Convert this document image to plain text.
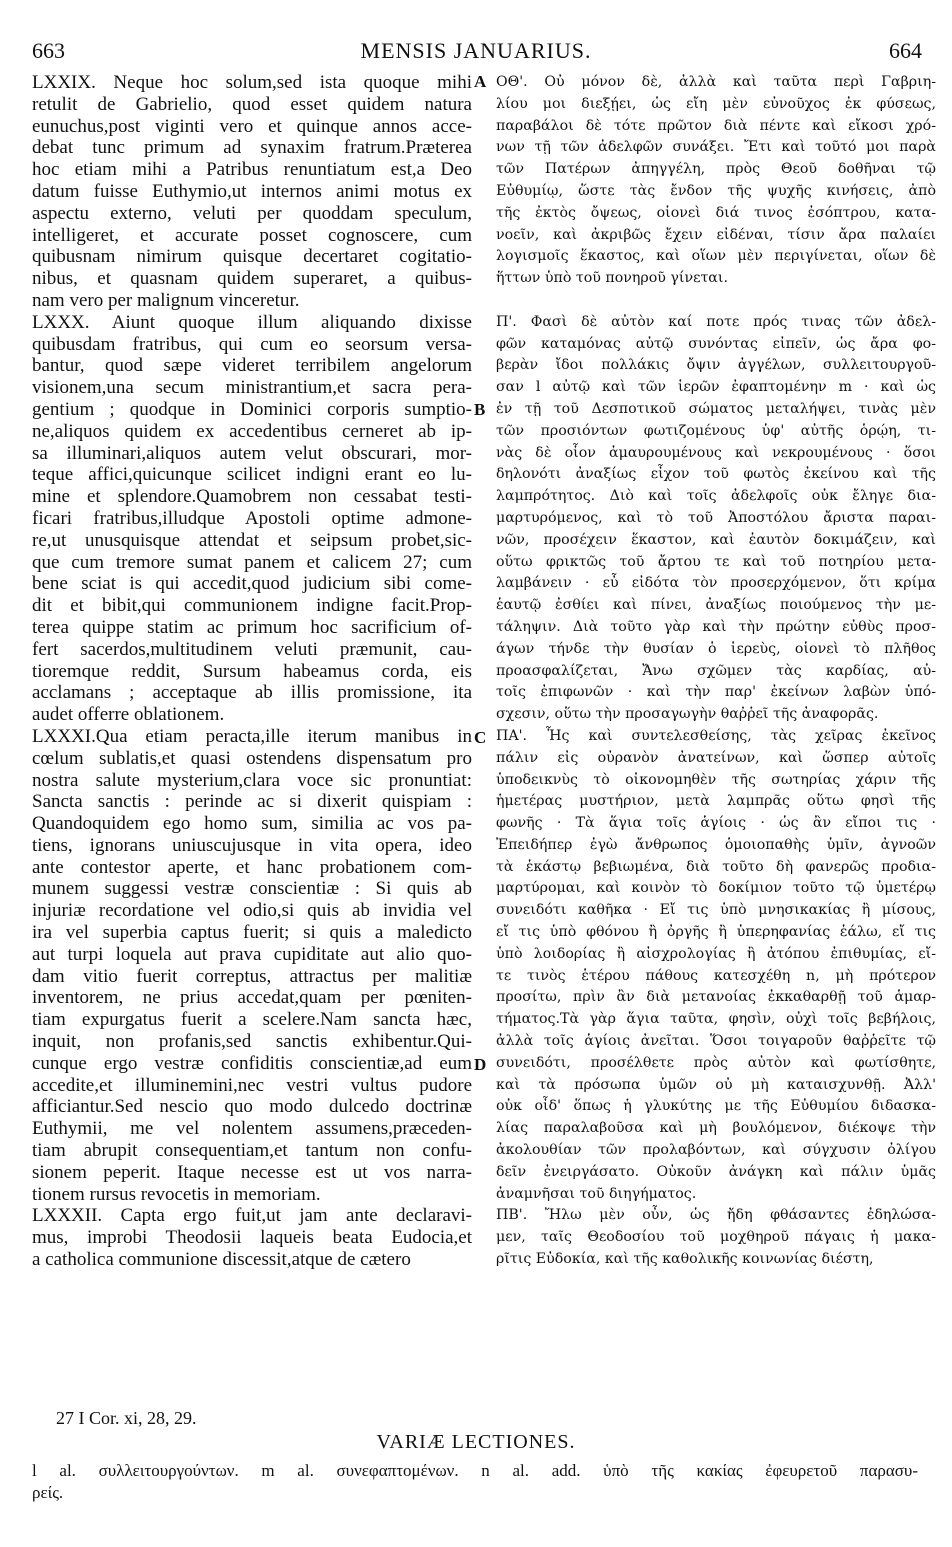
663	MENSIS JANUARIUS.	664
LXXIX. Neque hoc solum,sed ista quoque mihi
retulit de Gabrielio, quod esset quidem natura
eunuchus,post viginti vero et quinque annos acce-
debat tunc primum ad synaxim fratrum.Præterea
hoc etiam mihi a Patribus renuntiatum est,a Deo
datum fuisse Euthymio,ut internos animi motus ex
aspectu externo, veluti per quoddam speculum,
intelligeret, et accurate posset cognoscere, cum
quibusnam nimirum quisque decertaret cogitatio-
nibus, et quasnam quidem superaret, a quibus-
nam vero per malignum vinceretur.
LXXX. Aiunt quoque illum aliquando dixisse
quibusdam fratribus, qui cum eo seorsum versa-
bantur, quod sæpe videret terribilem angelorum
visionem,una secum ministrantium,et sacra pera-
gentium ; quodque in Dominici corporis sumptio-
ne,aliquos quidem ex accedentibus cerneret ab ip-
sa illuminari,aliquos autem velut obscurari, mor-
teque affici,quicunque scilicet indigni erant eo lu-
mine et splendore.Quamobrem non cessabat testi-
ficari fratribus,illudque Apostoli optime admone-
re,ut unusquisque attendat et seipsum probet,sic-
que cum tremore sumat panem et calicem 27; cum
bene sciat is qui accedit,quod judicium sibi come-
dit et bibit,qui communionem indigne facit.Prop-
terea quippe statim ac primum hoc sacrificium of-
fert sacerdos,multitudinem veluti præmunit, cau-
tioremque reddit, Sursum habeamus corda, eis
acclamans ; acceptaque ab illis promissione, ita
audet offerre oblationem.
LXXXI.Qua etiam peracta,ille iterum manibus in
cœlum sublatis,et quasi ostendens dispensatum pro
nostra salute mysterium,clara voce sic pronuntiat:
Sancta sanctis : perinde ac si dixerit quispiam :
Quandoquidem ego homo sum, similia ac vos pa-
tiens, ignorans uniuscujusque in vita opera, ideo
ante contestor aperte, et hanc probationem com-
munem suggessi vestræ conscientiæ : Si quis ab
injuriæ recordatione vel odio,si quis ab invidia vel
ira vel superbia captus fuerit; si quis a maledicto
aut turpi loquela aut prava cupiditate aut alio quo-
dam vitio fuerit correptus, attractus per malitiæ
inventorem, ne prius accedat,quam per pœniten-
tiam expurgatus fuerit a scelere.Nam sancta hæc,
inquit, non profanis,sed sanctis exhibentur.Qui-
cunque ergo vestræ confiditis conscientiæ,ad eum
accedite,et illuminemini,nec vestri vultus pudore
afficiantur.Sed nescio quo modo dulcedo doctrinæ
Euthymii, me vel nolentem assumens,præceden-
tiam abrupit consequentiam,et tantum non confu-
sionem peperit. Itaque necesse est ut vos narra-
tionem rursus revocetis in memoriam.
LXXXII. Capta ergo fuit,ut jam ante declaravi-
mus, improbi Theodosii laqueis beata Eudocia,et
a catholica communione discessit,atque de cætero
ΟΘ'. Οὐ μόνον δὲ, ἀλλὰ καὶ ταῦτα περὶ Γαβριη-
λίου μοι διεξῄει, ὡς εἴη μὲν εὐνοῦχος ἐκ φύσεως,
παραβάλοι δὲ τότε πρῶτον διὰ πέντε καὶ εἴκοσι χρό-
νων τῇ τῶν ἀδελφῶν συνάξει. Ἔτι καὶ τοῦτό μοι παρὰ
τῶν Πατέρων ἀπηγγέλη, πρὸς Θεοῦ δοθῆναι τῷ
Εὐθυμίῳ, ὥστε τὰς ἔνδον τῆς ψυχῆς κινήσεις, ἀπὸ
τῆς ἐκτὸς ὄψεως, οἱονεὶ διά τινος ἐσόπτρου, κατα-
νοεῖν, καὶ ἀκριβῶς ἔχειν εἰδέναι, τίσιν ἄρα παλαίει
λογισμοῖς ἕκαστος, καὶ οἵων μὲν περιγίνεται, οἵων δὲ
ἥττων ὑπὸ τοῦ πονηροῦ γίνεται.
Π'. Φασὶ δὲ αὐτὸν καί ποτε πρός τινας τῶν ἀδελ-
φῶν καταμόνας αὐτῷ συνόντας εἰπεῖν, ὡς ἄρα φο-
βερὰν ἴδοι πολλάκις ὄψιν ἀγγέλων, συλλειτουργοῦ-
σαν l αὐτῷ καὶ τῶν ἱερῶν ἐφαπτομένην m · καὶ ὡς
ἐν τῇ τοῦ Δεσποτικοῦ σώματος μεταλήψει, τινὰς μὲν
τῶν προσιόντων φωτιζομένους ὑφ' αὐτῆς ὁρῴη, τι-
νὰς δὲ οἷον ἀμαυρουμένους καὶ νεκρουμένους · ὅσοι
δηλονότι ἀναξίως εἶχον τοῦ φωτὸς ἐκείνου καὶ τῆς
λαμπρότητος. Διὸ καὶ τοῖς ἀδελφοῖς οὐκ ἔληγε δια-
μαρτυρόμενος, καὶ τὸ τοῦ Ἀποστόλου ἄριστα παραι-
νῶν, προσέχειν ἕκαστον, καὶ ἑαυτὸν δοκιμάζειν, καὶ
οὕτω φρικτῶς τοῦ ἄρτου τε καὶ τοῦ ποτηρίου μετα-
λαμβάνειν · εὖ εἰδότα τὸν προσερχόμενον, ὅτι κρίμα
ἑαυτῷ ἐσθίει καὶ πίνει, ἀναξίως ποιούμενος τὴν με-
τάληψιν. Διὰ τοῦτο γὰρ καὶ τὴν πρώτην εὐθὺς προσ-
άγων τήνδε τὴν θυσίαν ὁ ἱερεὺς, οἱονεὶ τὸ πλῆθος
προασφαλίζεται, Ἄνω σχῶμεν τὰς καρδίας, αὐ-
τοῖς ἐπιφωνῶν · καὶ τὴν παρ' ἐκείνων λαβὼν ὑπό-
σχεσιν, οὕτω τὴν προσαγωγὴν θαῤῥεῖ τῆς ἀναφορᾶς.
ΠΑ'. Ἧς καὶ συντελεσθείσης, τὰς χεῖρας ἐκεῖνος
πάλιν εἰς οὐρανὸν ἀνατείνων, καὶ ὥσπερ αὐτοῖς
ὑποδεικνὺς τὸ οἰκονομηθὲν τῆς σωτηρίας χάριν τῆς
ἡμετέρας μυστήριον, μετὰ λαμπρᾶς οὕτω φησὶ τῆς
φωνῆς · Τὰ ἅγια τοῖς ἁγίοις · ὡς ἂν εἴποι τις ·
Ἐπειδήπερ ἐγὼ ἄνθρωπος ὁμοιοπαθὴς ὑμῖν, ἀγνοῶν
τὰ ἑκάστῳ βεβιωμένα, διὰ τοῦτο δὴ φανερῶς προδια-
μαρτύρομαι, καὶ κοινὸν τὸ δοκίμιον τοῦτο τῷ ὑμετέρῳ
συνειδότι καθῆκα · Εἴ τις ὑπὸ μνησικακίας ἢ μίσους,
εἴ τις ὑπὸ φθόνου ἢ ὀργῆς ἢ ὑπερηφανίας ἑάλω, εἴ τις
ὑπὸ λοιδορίας ἢ αἰσχρολογίας ἢ ἀτόπου ἐπιθυμίας, εἴ-
τε τινὸς ἑτέρου πάθους κατεσχέθη n, μὴ πρότερον
προσίτω, πρὶν ἂν διὰ μετανοίας ἐκκαθαρθῇ τοῦ ἁμαρ-
τήματος.Τὰ γὰρ ἅγια ταῦτα, φησὶν, οὐχὶ τοῖς βεβήλοις,
ἀλλὰ τοῖς ἁγίοις ἀνεῖται. Ὅσοι τοιγαροῦν θαῤῥεῖτε τῷ
συνειδότι, προσέλθετε πρὸς αὐτὸν καὶ φωτίσθητε,
καὶ τὰ πρόσωπα ὑμῶν οὐ μὴ καταισχυνθῇ. Ἀλλ'
οὐκ οἶδ' ὅπως ἡ γλυκύτης με τῆς Εὐθυμίου διδασκα-
λίας παραλαβοῦσα καὶ μὴ βουλόμενον, διέκοψε τὴν
ἀκολουθίαν τῶν προλαβόντων, καὶ σύγχυσιν ὀλίγου
δεῖν ἐνειργάσατο. Οὐκοῦν ἀνάγκη καὶ πάλιν ὑμᾶς
ἀναμνῆσαι τοῦ διηγήματος.
ΠΒ'. Ἤλω μὲν οὖν, ὡς ἤδη φθάσαντες ἐδηλώσα-
μεν, ταῖς Θεοδοσίου τοῦ μοχθηροῦ πάγαις ἡ μακα-
ρῖτις Εὐδοκία, καὶ τῆς καθολικῆς κοινωνίας διέστη,
A
B
C
D
27 I Cor. xi, 28, 29.
VARIÆ LECTIONES.
l al. συλλειτουργούντων. m al. συνεφαπτομένων. n al. add. ὑπὸ τῆς κακίας ἐφευρετοῦ παρασυ-
ρείς.
